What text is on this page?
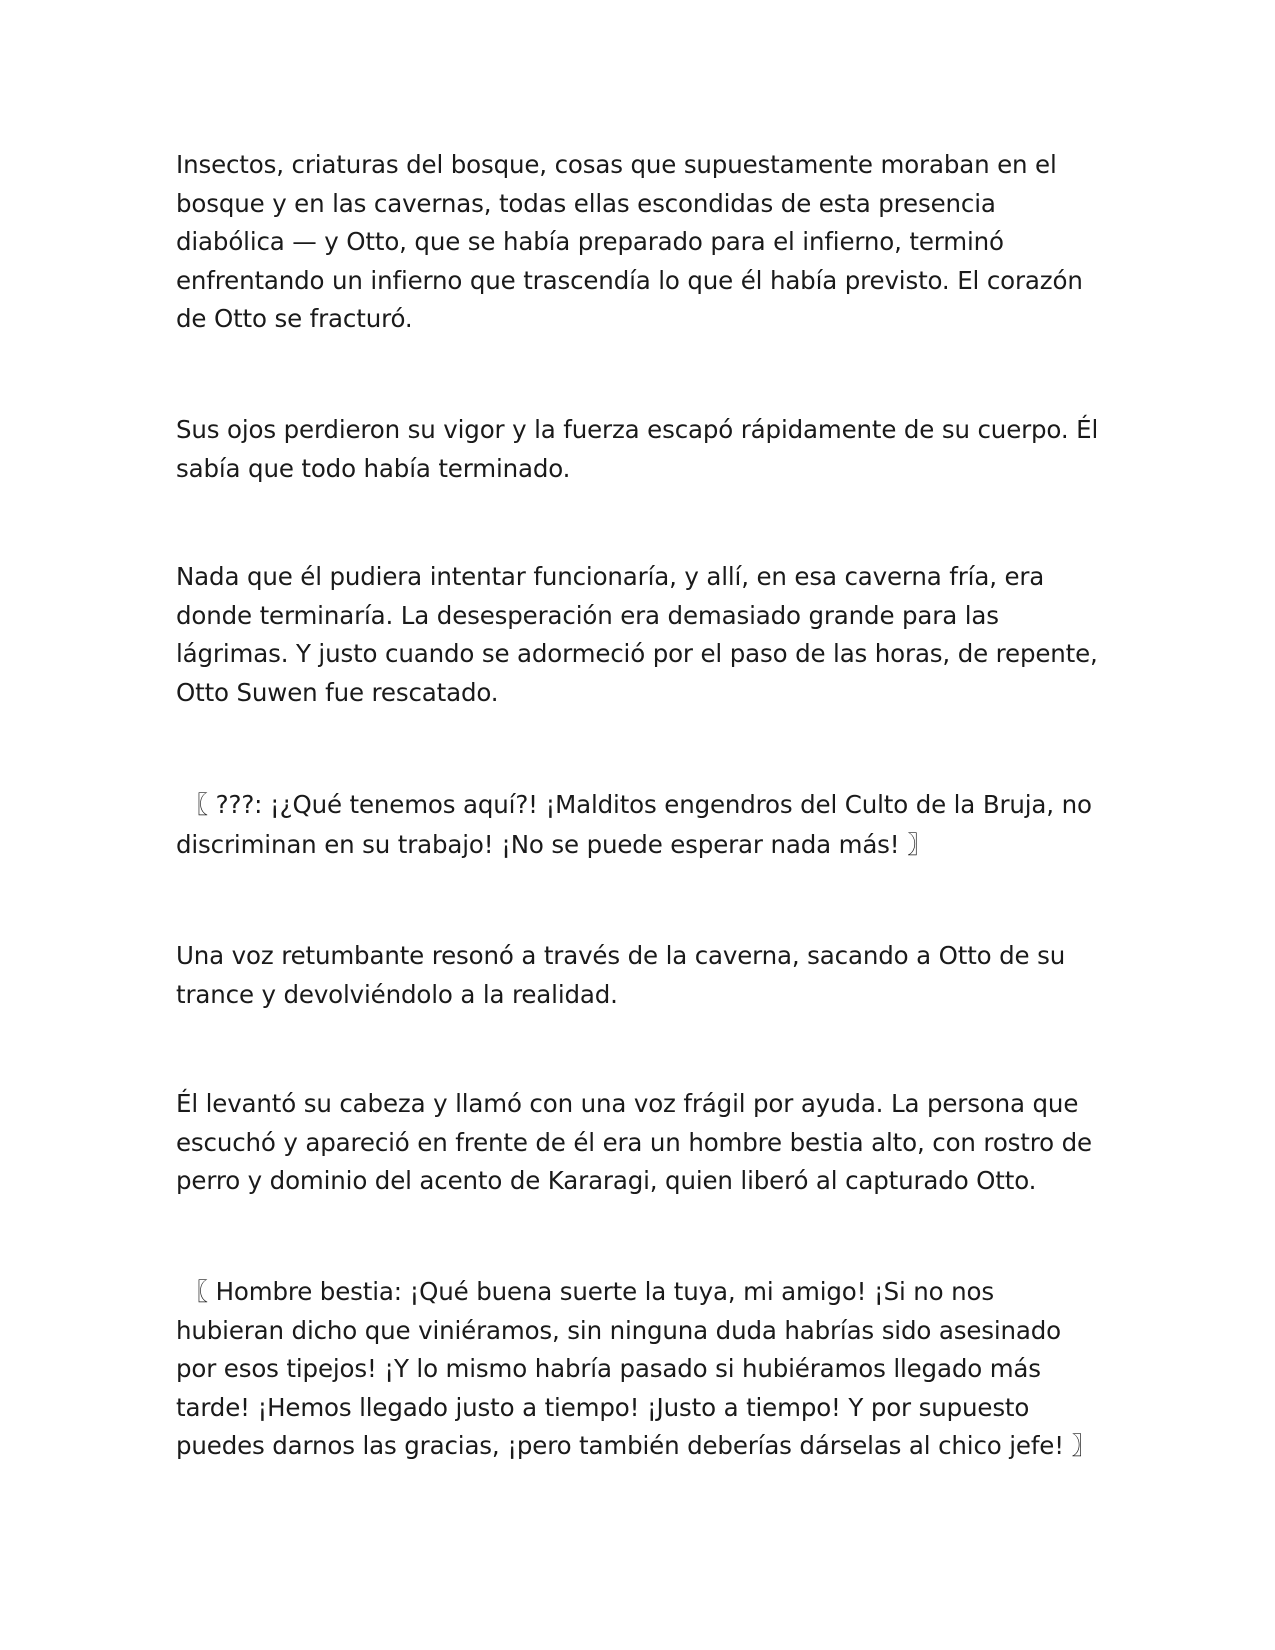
Insectos, criaturas del bosque, cosas que supuestamente moraban en el bosque y en las cavernas, todas ellas escondidas de esta presencia diabólica — y Otto, que se había preparado para el infierno, terminó enfrentando un infierno que trascendía lo que él había previsto. El corazón de Otto se fracturó.

Sus ojos perdieron su vigor y la fuerza escapó rápidamente de su cuerpo. Él sabía que todo había terminado.

Nada que él pudiera intentar funcionaría, y allí, en esa caverna fría, era donde terminaría. La desesperación era demasiado grande para las lágrimas. Y justo cuando se adormeció por el paso de las horas, de repente, Otto Suwen fue rescatado.

〖 ???: ¡¿Qué tenemos aquí?! ¡Malditos engendros del Culto de la Bruja, no discriminan en su trabajo! ¡No se puede esperar nada más! 〗

Una voz retumbante resonó a través de la caverna, sacando a Otto de su trance y devolviéndolo a la realidad.

Él levantó su cabeza y llamó con una voz frágil por ayuda. La persona que escuchó y apareció en frente de él era un hombre bestia alto, con rostro de perro y dominio del acento de Kararagi, quien liberó al capturado Otto.

〖 Hombre bestia: ¡Qué buena suerte la tuya, mi amigo! ¡Si no nos hubieran dicho que viniéramos, sin ninguna duda habrías sido asesinado por esos tipejos! ¡Y lo mismo habría pasado si hubiéramos llegado más tarde! ¡Hemos llegado justo a tiempo! ¡Justo a tiempo! Y por supuesto puedes darnos las gracias, ¡pero también deberías dárselas al chico jefe! 〗
